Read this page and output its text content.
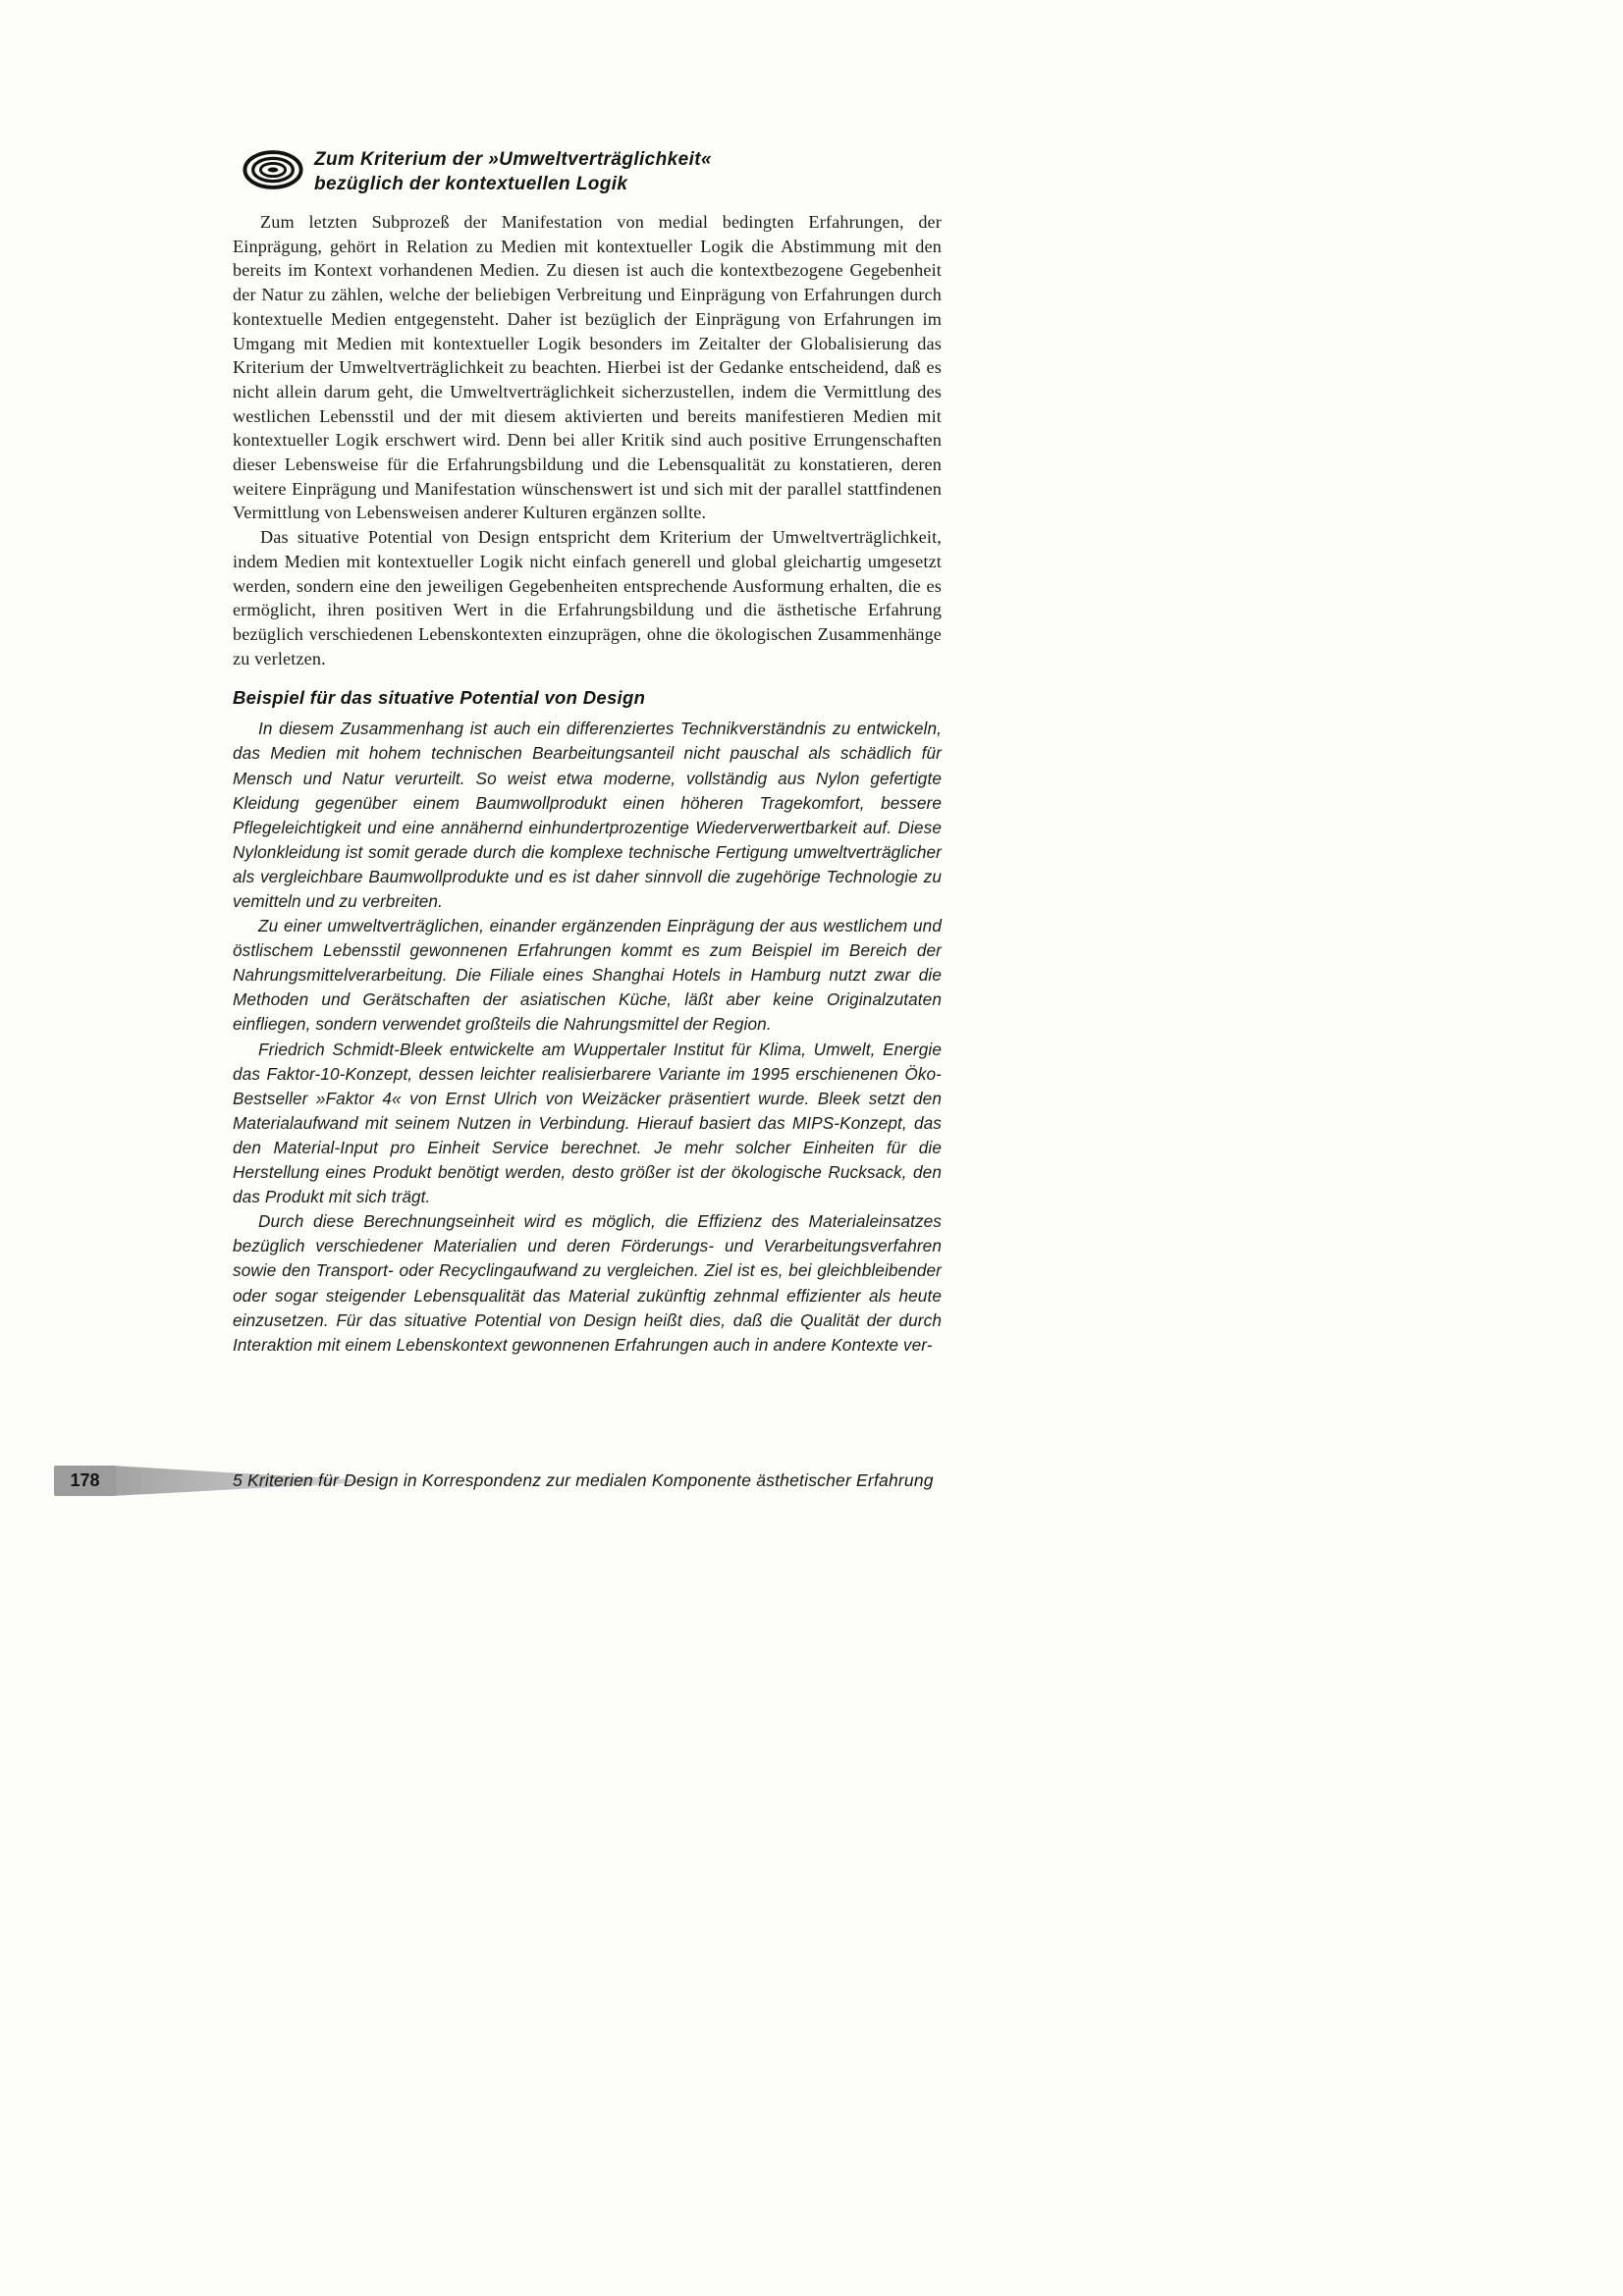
Zum Kriterium der »Umweltverträglichkeit«
bezüglich der kontextuellen Logik

Zum letzten Subprozeß der Manifestation von medial bedingten Erfahrungen, der Einprägung, gehört in Relation zu Medien mit kontextueller Logik die Abstimmung mit den bereits im Kontext vorhandenen Medien. Zu diesen ist auch die kontextbezogene Gegebenheit der Natur zu zählen, welche der beliebigen Verbreitung und Einprägung von Erfahrungen durch kontextuelle Medien entgegensteht. Daher ist bezüglich der Einprägung von Erfahrungen im Umgang mit Medien mit kontextueller Logik besonders im Zeitalter der Globalisierung das Kriterium der Umweltverträglichkeit zu beachten. Hierbei ist der Gedanke entscheidend, daß es nicht allein darum geht, die Umweltverträglichkeit sicherzustellen, indem die Vermittlung des westlichen Lebensstil und der mit diesem aktivierten und bereits manifestieren Medien mit kontextueller Logik erschwert wird. Denn bei aller Kritik sind auch positive Errungenschaften dieser Lebensweise für die Erfahrungsbildung und die Lebensqualität zu konstatieren, deren weitere Einprägung und Manifestation wünschenswert ist und sich mit der parallel stattfindenen Vermittlung von Lebensweisen anderer Kulturen ergänzen sollte.

Das situative Potential von Design entspricht dem Kriterium der Umweltverträglichkeit, indem Medien mit kontextueller Logik nicht einfach generell und global gleichartig umgesetzt werden, sondern eine den jeweiligen Gegebenheiten entsprechende Ausformung erhalten, die es ermöglicht, ihren positiven Wert in die Erfahrungsbildung und die ästhetische Erfahrung bezüglich verschiedenen Lebenskontexten einzuprägen, ohne die ökologischen Zusammenhänge zu verletzen.

Beispiel für das situative Potential von Design

In diesem Zusammenhang ist auch ein differenziertes Technikverständnis zu entwickeln, das Medien mit hohem technischen Bearbeitungsanteil nicht pauschal als schädlich für Mensch und Natur verurteilt. So weist etwa moderne, vollständig aus Nylon gefertigte Kleidung gegenüber einem Baumwollprodukt einen höheren Tragekomfort, bessere Pflegeleichtigkeit und eine annähernd einhundertprozentige Wiederverwertbarkeit auf. Diese Nylonkleidung ist somit gerade durch die komplexe technische Fertigung umweltverträglicher als vergleichbare Baumwollprodukte und es ist daher sinnvoll die zugehörige Technologie zu vemitteln und zu verbreiten.

Zu einer umweltverträglichen, einander ergänzenden Einprägung der aus westlichem und östlischem Lebensstil gewonnenen Erfahrungen kommt es zum Beispiel im Bereich der Nahrungsmittelverarbeitung. Die Filiale eines Shanghai Hotels in Hamburg nutzt zwar die Methoden und Gerätschaften der asiatischen Küche, läßt aber keine Originalzutaten einfliegen, sondern verwendet großteils die Nahrungsmittel der Region.

Friedrich Schmidt-Bleek entwickelte am Wuppertaler Institut für Klima, Umwelt, Energie das Faktor-10-Konzept, dessen leichter realisierbarere Variante im 1995 erschienenen Öko-Bestseller »Faktor 4« von Ernst Ulrich von Weizäcker präsentiert wurde. Bleek setzt den Materialaufwand mit seinem Nutzen in Verbindung. Hierauf basiert das MIPS-Konzept, das den Material-Input pro Einheit Service berechnet. Je mehr solcher Einheiten für die Herstellung eines Produkt benötigt werden, desto größer ist der ökologische Rucksack, den das Produkt mit sich trägt.

Durch diese Berechnungseinheit wird es möglich, die Effizienz des Materialeinsatzes bezüglich verschiedener Materialien und deren Förderungs- und Verarbeitungsverfahren sowie den Transport- oder Recyclingaufwand zu vergleichen. Ziel ist es, bei gleichbleibender oder sogar steigender Lebensqualität das Material zukünftig zehnmal effizienter als heute einzusetzen. Für das situative Potential von Design heißt dies, daß die Qualität der durch Interaktion mit einem Lebenskontext gewonnenen Erfahrungen auch in andere Kontexte ver-

178	5 Kriterien für Design in Korrespondenz zur medialen Komponente ästhetischer Erfahrung
